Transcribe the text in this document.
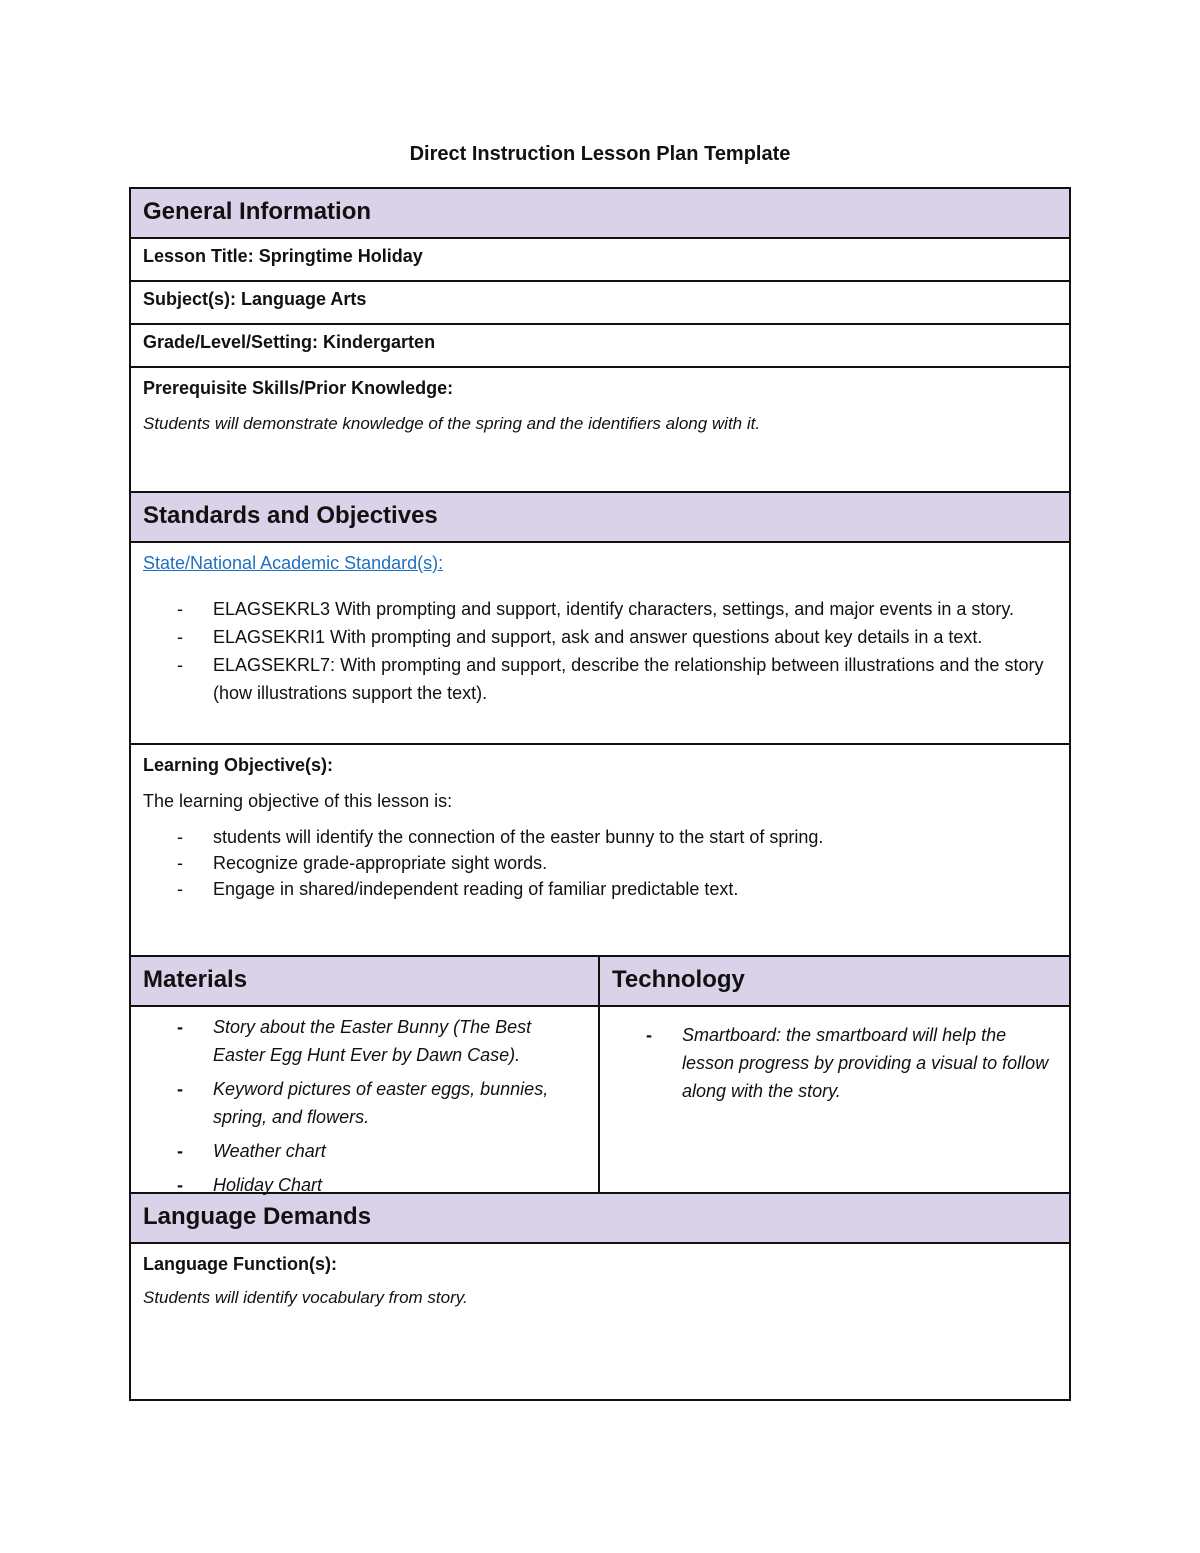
Direct Instruction Lesson Plan Template
General Information
Lesson Title: Springtime Holiday
Subject(s): Language Arts
Grade/Level/Setting: Kindergarten
Prerequisite Skills/Prior Knowledge:
Students will demonstrate knowledge of the spring and the identifiers along with it.
Standards and Objectives
State/National Academic Standard(s):
- ELAGSEKRL3 With prompting and support, identify characters, settings, and major events in a story.
- ELAGSEKRI1 With prompting and support, ask and answer questions about key details in a text.
- ELAGSEKRL7: With prompting and support, describe the relationship between illustrations and the story (how illustrations support the text).
Learning Objective(s):
The learning objective of this lesson is:
- students will identify the connection of the easter bunny to the start of spring.
- Recognize grade-appropriate sight words.
- Engage in shared/independent reading of familiar predictable text.
Materials	Technology
- Story about the Easter Bunny (The Best Easter Egg Hunt Ever by Dawn Case).
- Keyword pictures of easter eggs, bunnies, spring, and flowers.
- Weather chart
- Holiday Chart
- Smartboard: the smartboard will help the lesson progress by providing a visual to follow along with the story.
Language Demands
Language Function(s):
Students will identify vocabulary from story.
